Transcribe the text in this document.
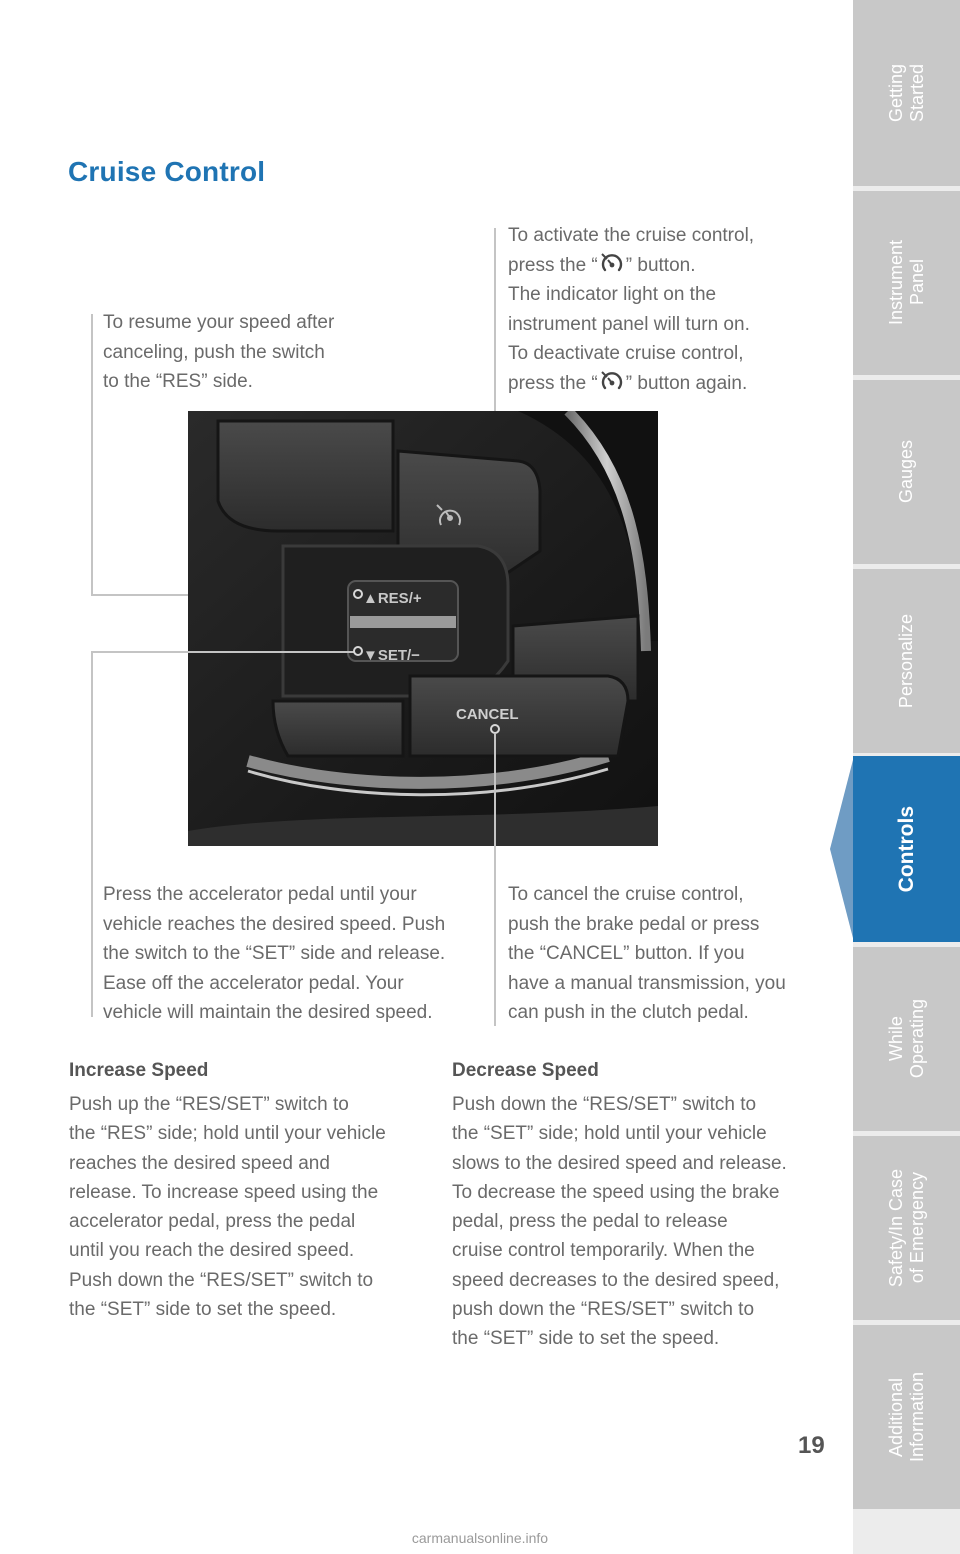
Cruise Control

To activate the cruise control,

press the “ ” button.

The indicator light on the

instrument panel will turn on.

To deactivate cruise control,

press the “ ” button again.

To resume your speed after

canceling, push the switch

to the “RES” side.

▲RES/+
▼SET/−
CANCEL

Press the accelerator pedal until your

vehicle reaches the desired speed. Push

the switch to the “SET” side and release.

Ease off the accelerator pedal. Your

vehicle will maintain the desired speed.

To cancel the cruise control,

push the brake pedal or press

the “CANCEL” button. If you

have a manual transmission, you

can push in the clutch pedal.

Increase Speed

Push up the “RES/SET” switch to

the “RES” side; hold until your vehicle

reaches the desired speed and

release. To increase speed using the

accelerator pedal, press the pedal

until you reach the desired speed.

Push down the “RES/SET” switch to

the “SET” side to set the speed.

Decrease Speed

Push down the “RES/SET” switch to

the “SET” side; hold until your vehicle

slows to the desired speed and release.

To decrease the speed using the brake

pedal, press the pedal to release

cruise control temporarily. When the

speed decreases to the desired speed,

push down the “RES/SET” switch to

the “SET” side to set the speed.

19
Getting Started
Instrument Panel
Gauges
Personalize
Controls
While Operating
Safety/In Case of Emergency
Additional Information
carmanualsonline.info
